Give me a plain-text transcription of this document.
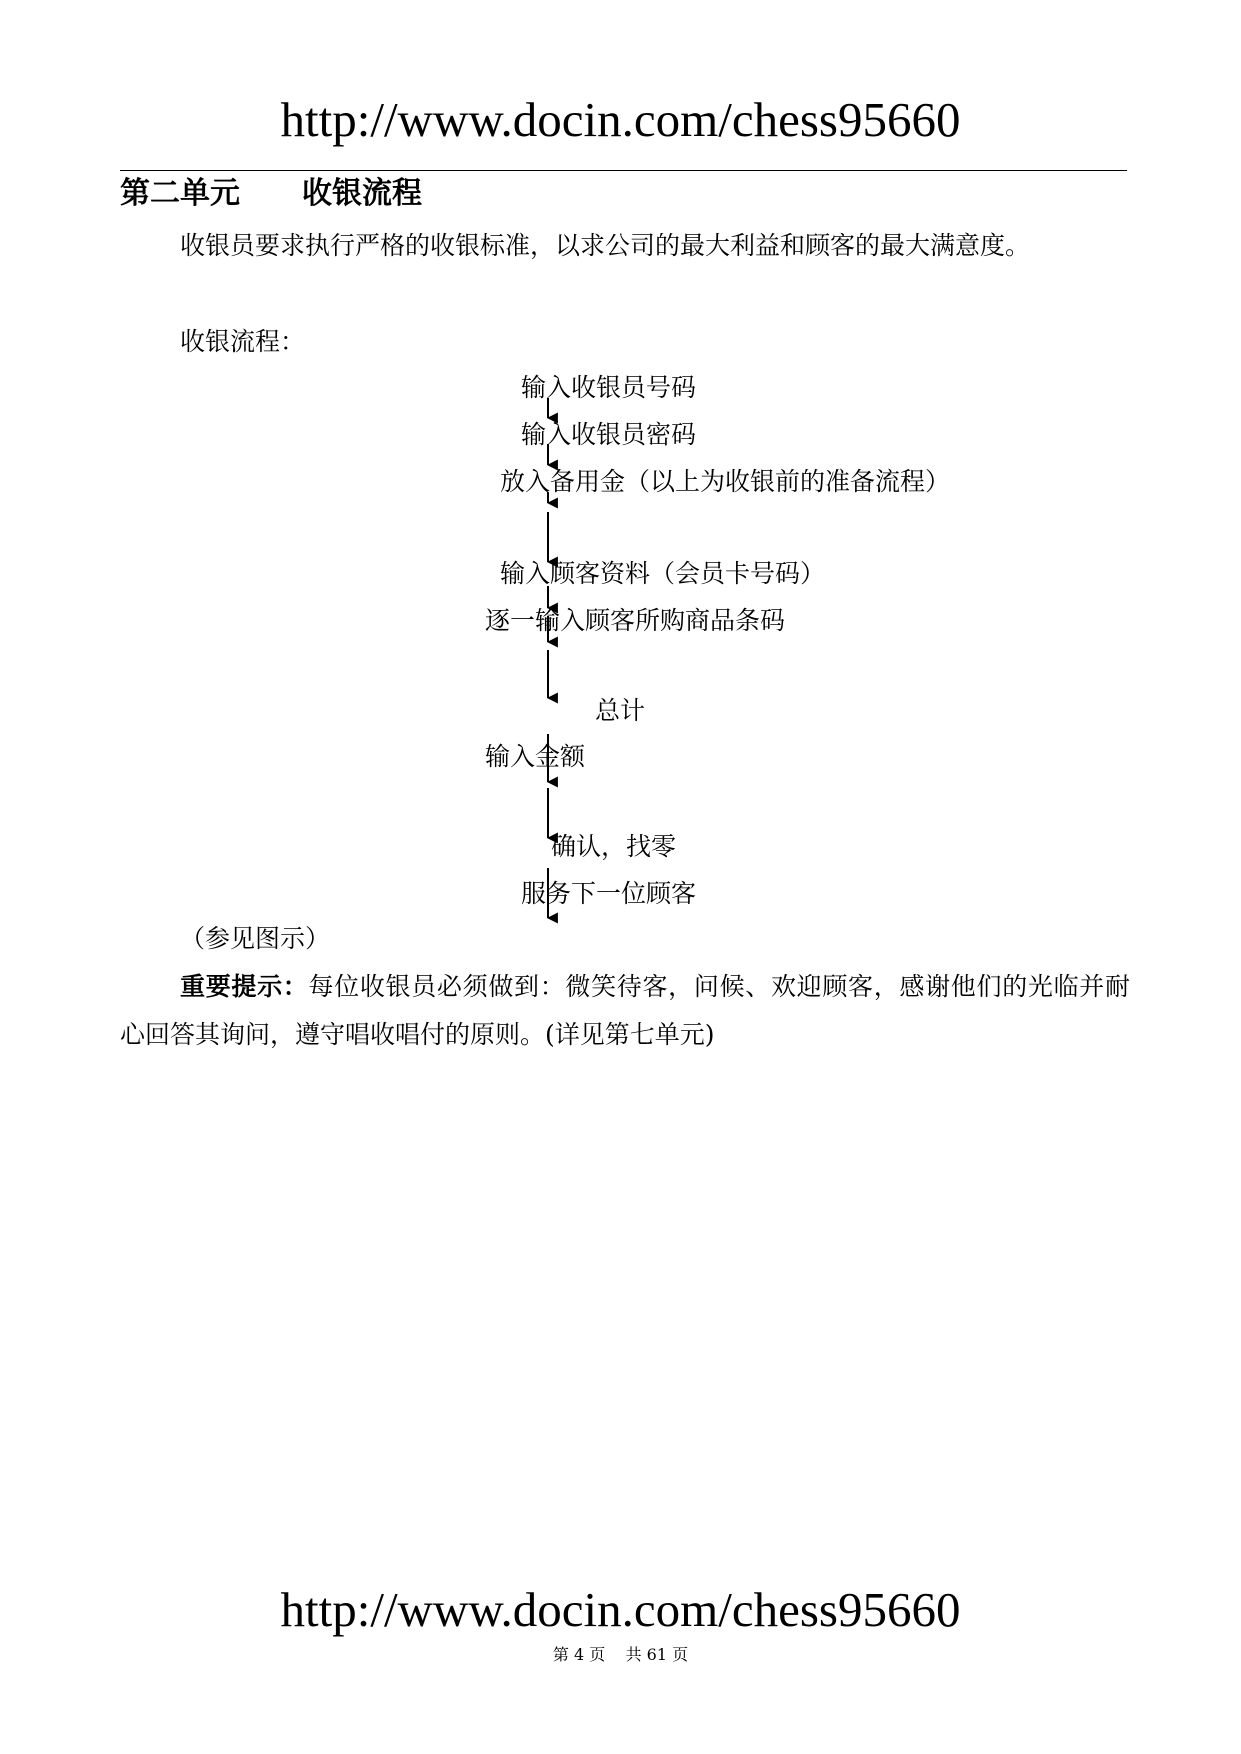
http://www.docin.com/chess95660
第二单元 收银流程
收银员要求执行严格的收银标准，以求公司的最大利益和顾客的最大满意度。
收银流程：
输入收银员号码
输入收银员密码
放入备用金（以上为收银前的准备流程）
输入顾客资料（会员卡号码）
逐一输入顾客所购商品条码
总计
输入金额
确认，找零
服务下一位顾客
（参见图示）
重要提示：每位收银员必须做到：微笑待客，问候、欢迎顾客，感谢他们的光临并耐心回答其询问，遵守唱收唱付的原则。(详见第七单元)
http://www.docin.com/chess95660
第 4 页    共 61 页
